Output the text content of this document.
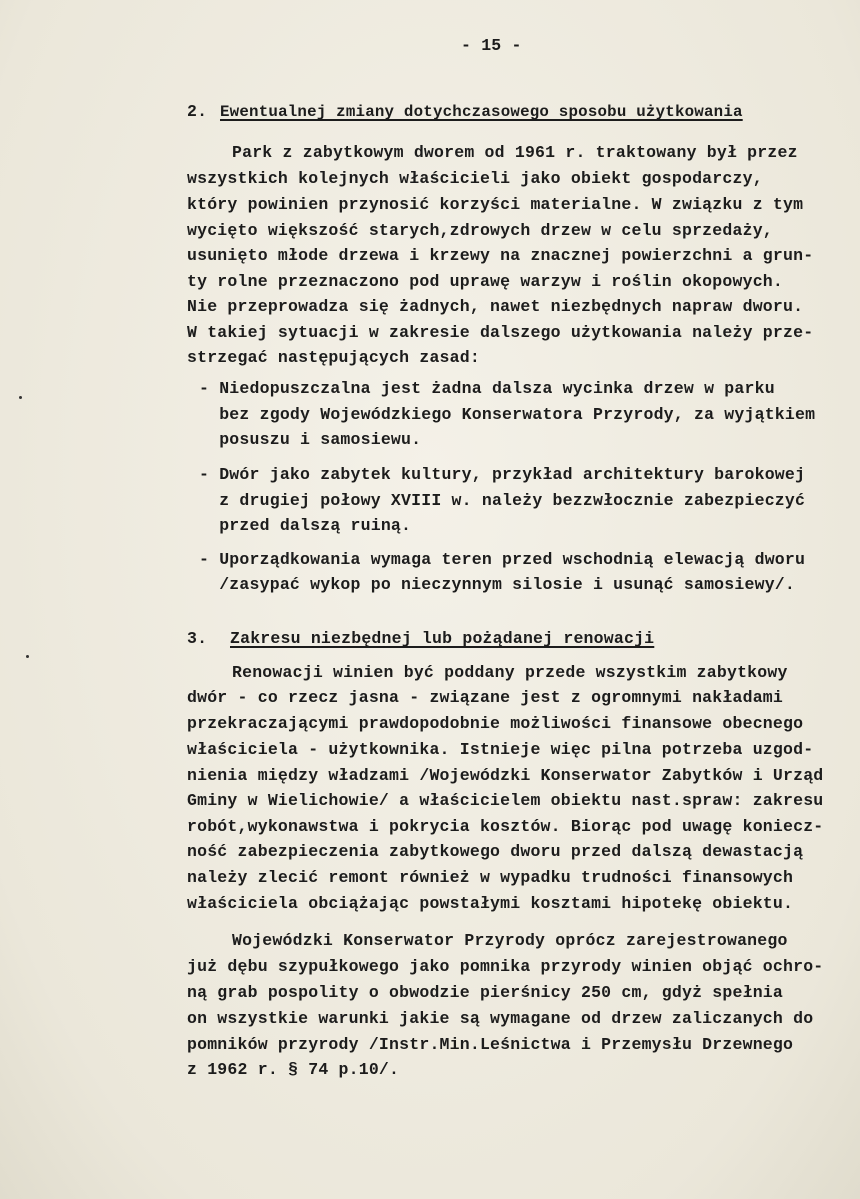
- 15 -
2. Ewentualnej zmiany dotychczasowego sposobu użytkowania
Park z zabytkowym dworem od 1961 r. traktowany był przez
wszystkich kolejnych właścicieli jako obiekt gospodarczy,
który powinien przynosić korzyści materialne. W związku z tym
wycięto większość starych,zdrowych drzew w celu sprzedaży,
usunięto młode drzewa i krzewy na znacznej powierzchni a grun-
ty rolne przeznaczono pod uprawę warzyw i roślin okopowych.
Nie przeprowadza się żadnych, nawet niezbędnych napraw dworu.
W takiej sytuacji w zakresie dalszego użytkowania należy prze-
strzegać następujących zasad:
- Niedopuszczalna jest żadna dalsza wycinka drzew w parku
bez zgody Wojewódzkiego Konserwatora Przyrody, za wyjątkiem
posuszu i samosiewu.
- Dwór jako zabytek kultury, przykład architektury barokowej
z drugiej połowy XVIII w. należy bezzwłocznie zabezpieczyć
przed dalszą ruiną.
- Uporządkowania wymaga teren przed wschodnią elewacją dworu
/zasypać wykop po nieczynnym silosie i usunąć samosiewy/.
3. Zakresu niezbędnej lub pożądanej renowacji
Renowacji winien być poddany przede wszystkim zabytkowy
dwór - co rzecz jasna - związane jest z ogromnymi nakładami
przekraczającymi prawdopodobnie możliwości finansowe obecnego
właściciela - użytkownika. Istnieje więc pilna potrzeba uzgod-
nienia między władzami /Wojewódzki Konserwator Zabytków i Urząd
Gminy w Wielichowie/ a właścicielem obiektu nast.spraw: zakresu
robót,wykonawstwa i pokrycia kosztów. Biorąc pod uwagę koniecz-
ność zabezpieczenia zabytkowego dworu przed dalszą dewastacją
należy zlecić remont również w wypadku trudności finansowych
właściciela obciążając powstałymi kosztami hipotekę obiektu.
Wojewódzki Konserwator Przyrody oprócz zarejestrowanego
już dębu szypułkowego jako pomnika przyrody winien objąć ochro-
ną grab pospolity o obwodzie pierśnicy 250 cm, gdyż spełnia
on wszystkie warunki jakie są wymagane od drzew zaliczanych do
pomników przyrody /Instr.Min.Leśnictwa i Przemysłu Drzewnego
z 1962 r. § 74 p.10/.
